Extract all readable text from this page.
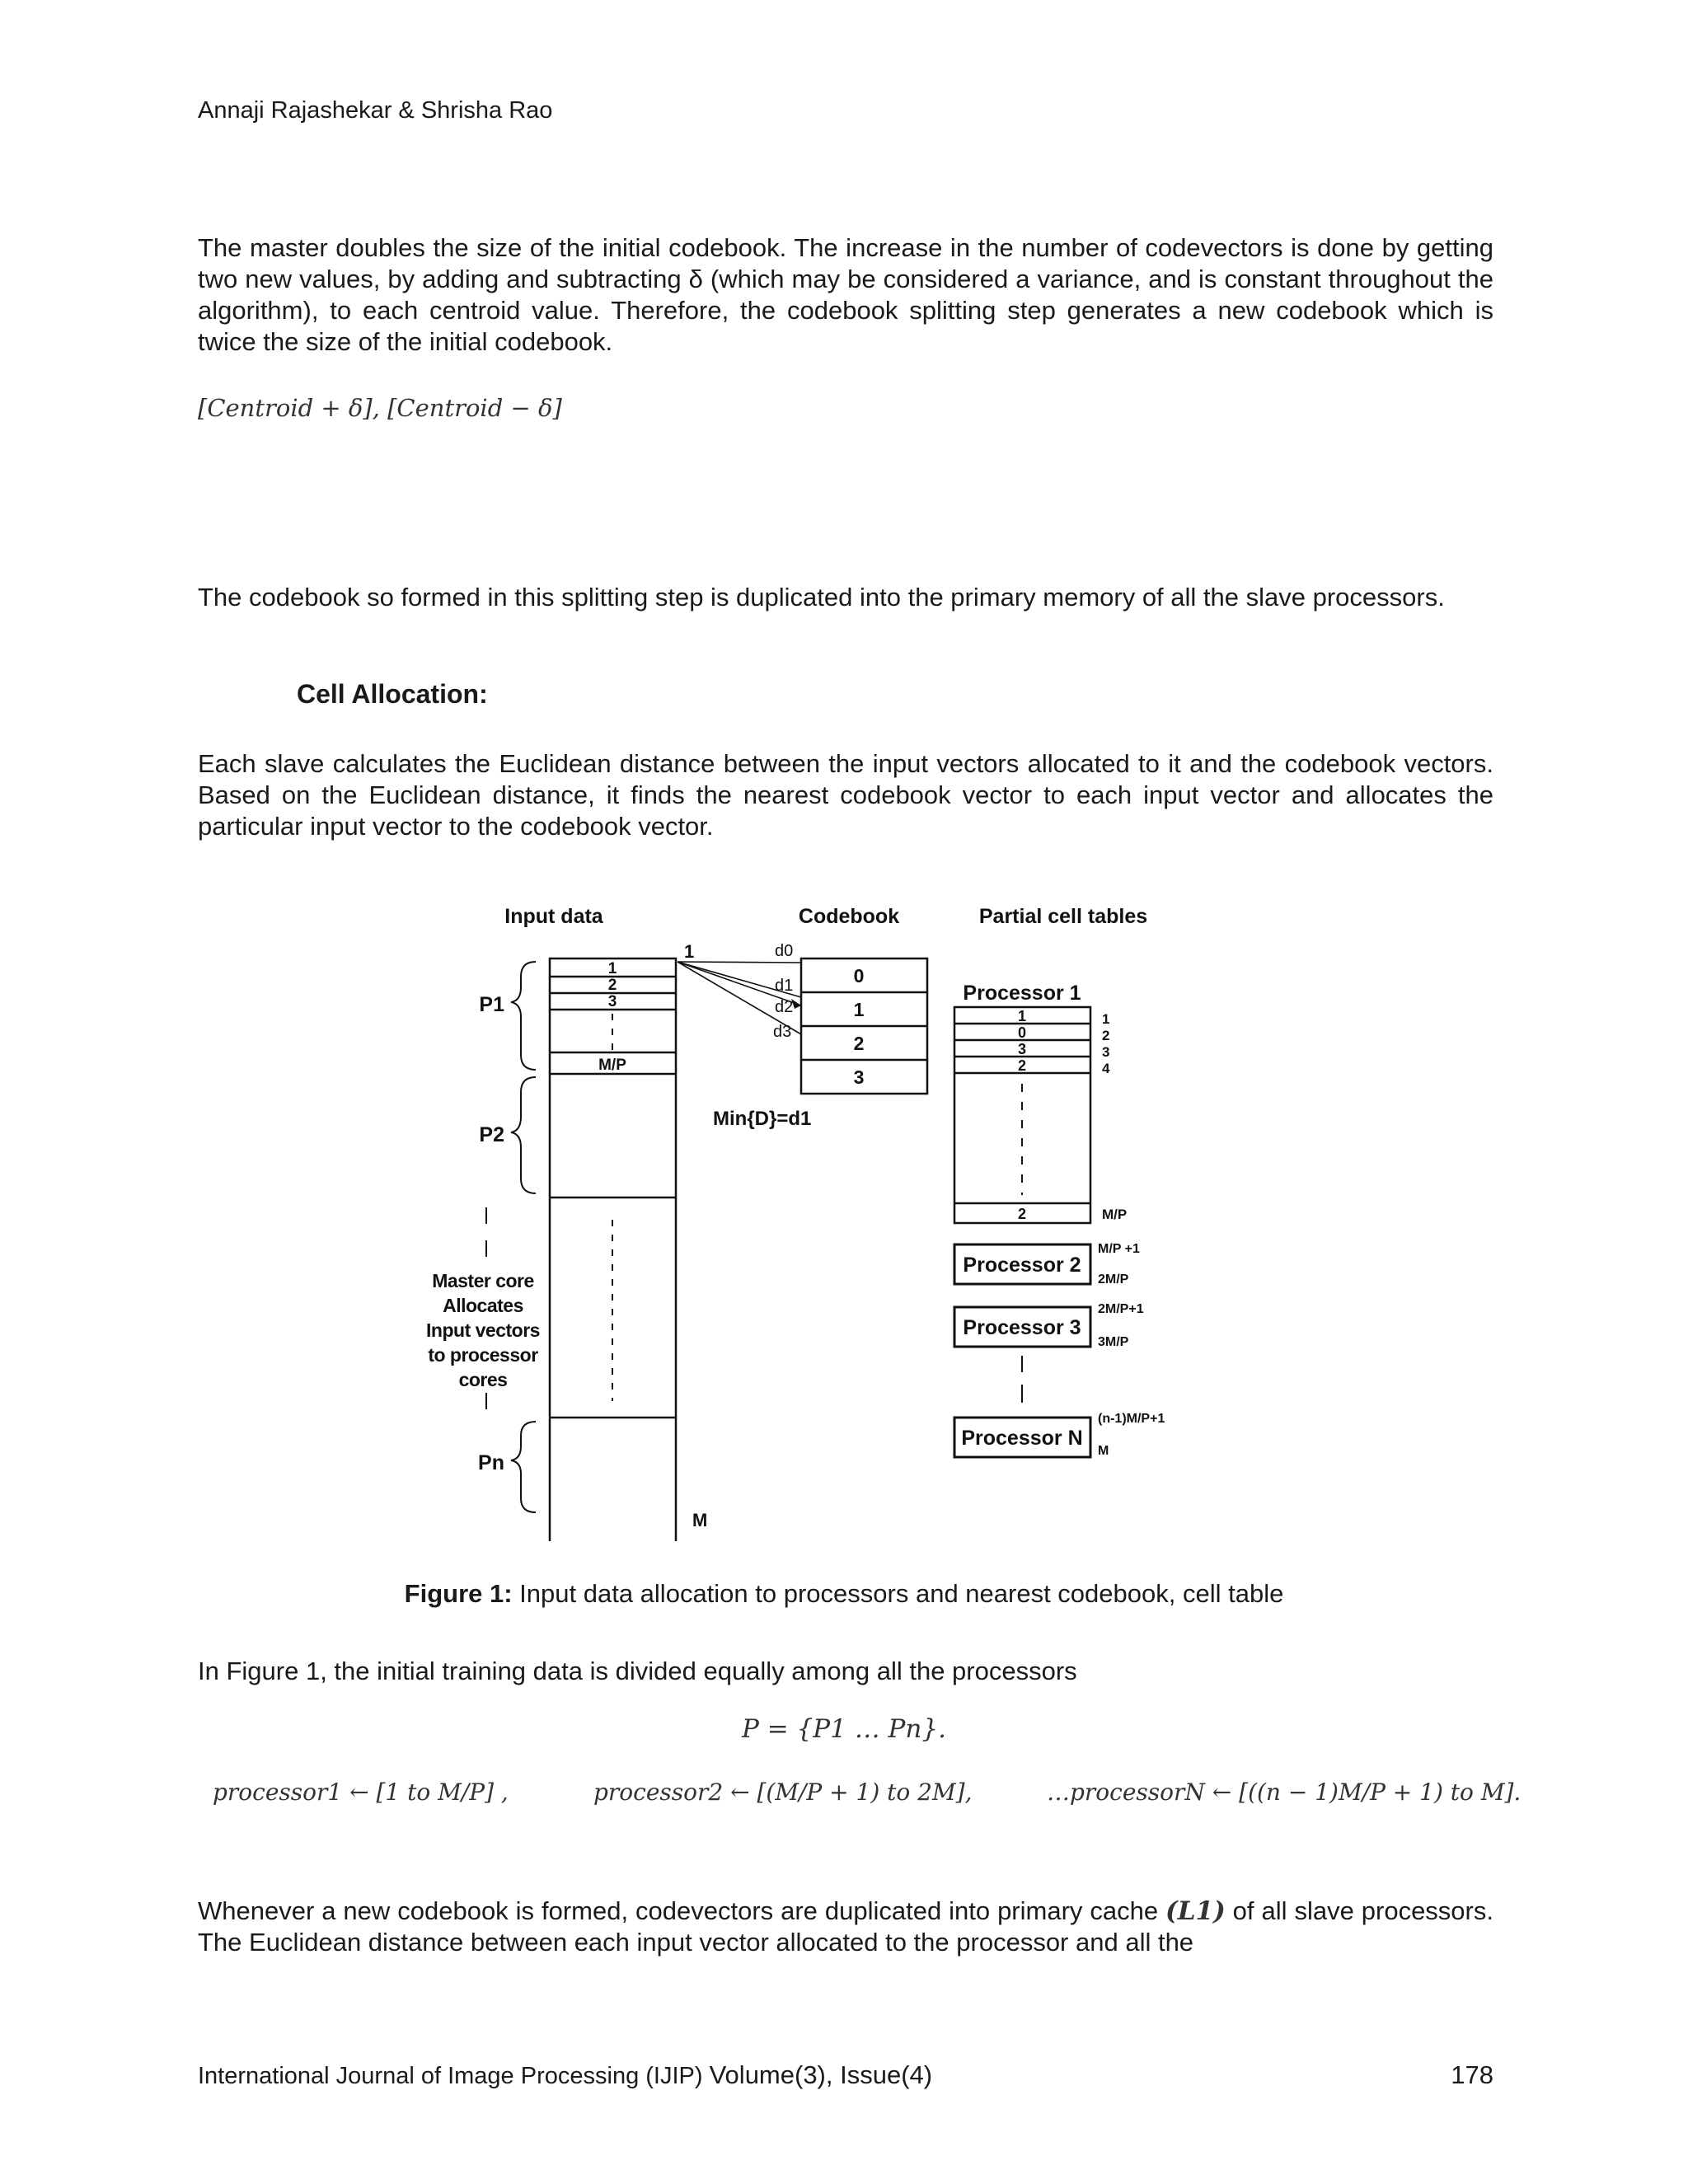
Annaji Rajashekar & Shrisha Rao
The master doubles the size of the initial codebook. The increase in the number of codevectors is done by getting two new values, by adding and subtracting δ (which may be considered a variance, and is constant throughout the algorithm), to each centroid value. Therefore, the codebook splitting step generates a new codebook which is twice the size of the initial codebook.
[Centroid + δ], [Centroid − δ]
The codebook so formed in this splitting step is duplicated into the primary memory of all the slave processors.
Cell Allocation:
Each slave calculates the Euclidean distance between the input vectors allocated to it and the codebook vectors. Based on the Euclidean distance, it finds the nearest codebook vector to each input vector and allocates the particular input vector to the codebook vector.
Input data	Codebook	Partial cell tables
1
2
3
M/P
1
M
P1
P2
Pn
Master core
Allocates
Input vectors
to processor
cores
d0
d1
d2
d3
0
1
2
3
Min{D}=d1
Processor 1
1
0
3
2
2
1
2
3
4
M/P
Processor 2
Processor 3
Processor N
M/P +1
2M/P
2M/P+1
3M/P
(n-1)M/P+1
M
Figure 1: Input data allocation to processors and nearest codebook, cell table
In Figure 1, the initial training data is divided equally among all the processors
P = {P1 … Pn}.
processor1 ← [1 to M/P] ,	processor2 ← [(M/P + 1) to 2M],	…processorN ← [((n − 1)M/P + 1) to M].
Whenever a new codebook is formed, codevectors are duplicated into primary cache (L1) of all slave processors. The Euclidean distance between each input vector allocated to the processor and all the
International Journal of Image Processing (IJIP) Volume(3), Issue(4)	178
